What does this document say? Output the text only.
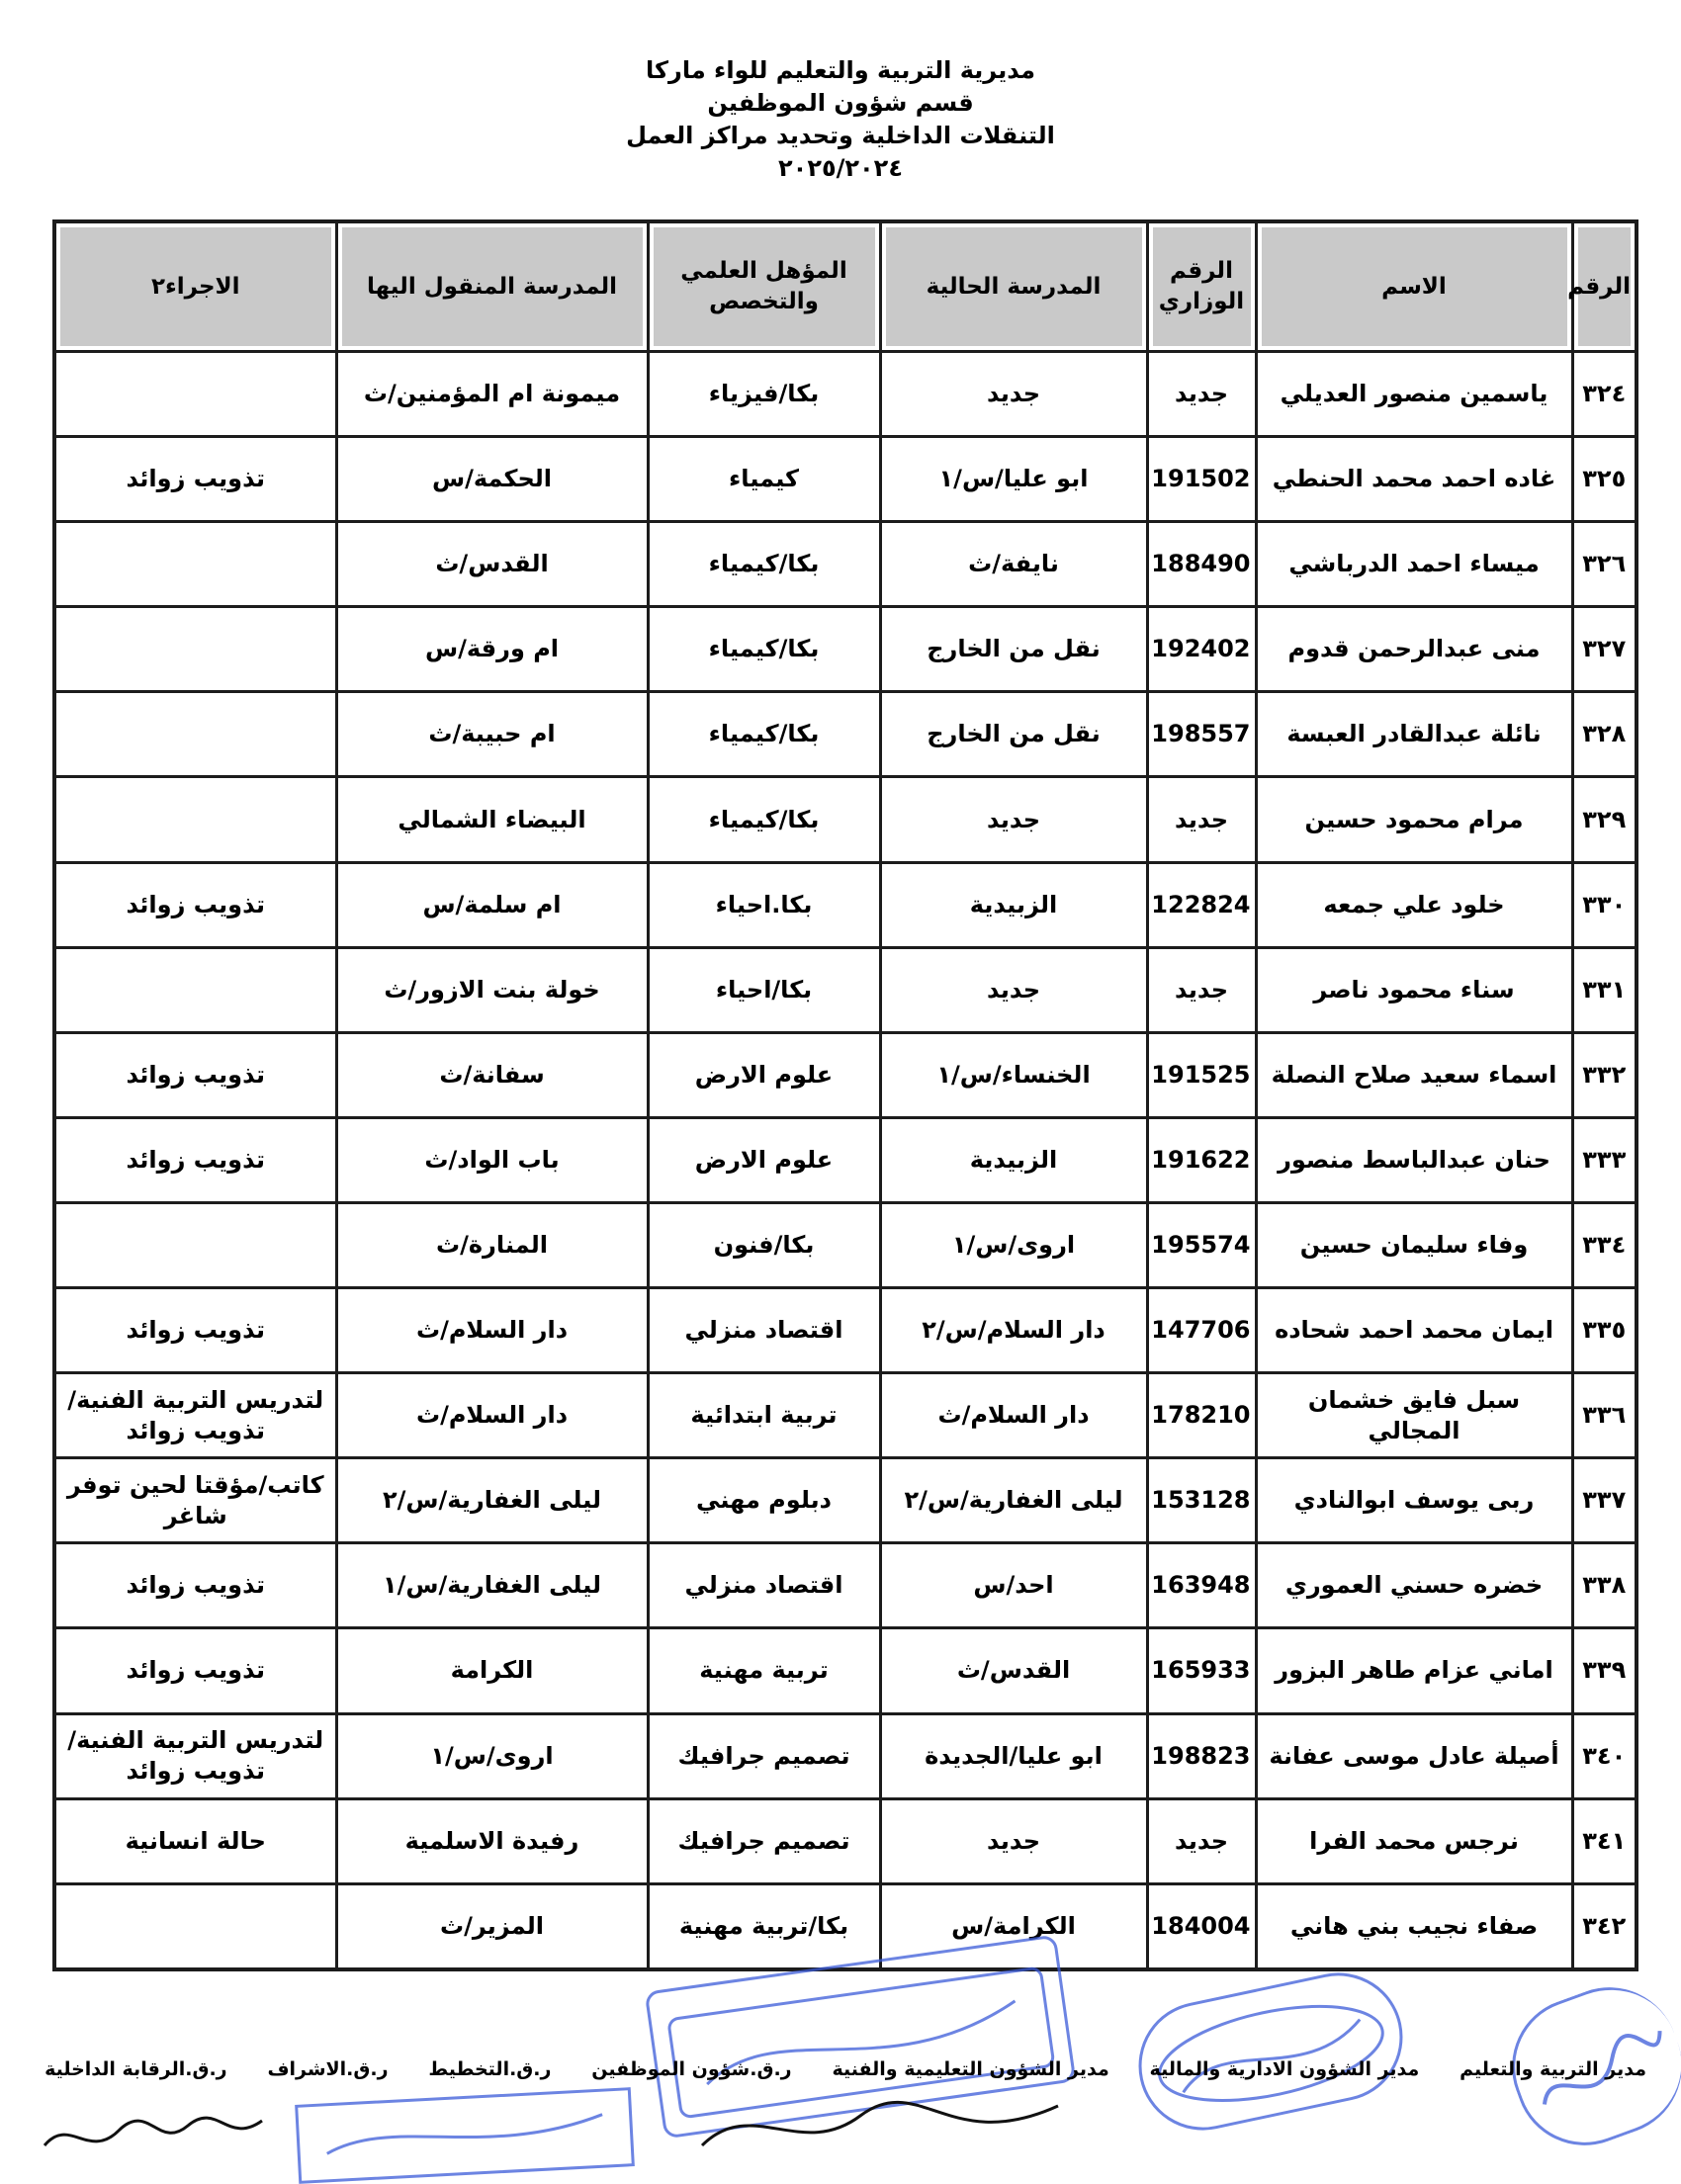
مديرية التربية والتعليم للواء ماركا
قسم شؤون الموظفين
التنقلات الداخلية وتحديد مراكز العمل
٢٠٢٥/٢٠٢٤
الرقم	الاسم	الرقم الوزاري	المدرسة الحالية	المؤهل العلمي والتخصص	المدرسة المنقول اليها	الاجراء٢
٣٢٤	ياسمين منصور العديلي	جديد	جديد	بكا/فيزياء	ميمونة ام المؤمنين/ث	
٣٢٥	غاده احمد محمد الحنطي	191502	ابو عليا/س/١	كيمياء	الحكمة/س	تذويب زوائد
٣٢٦	ميساء احمد الدرباشي	188490	نايفة/ث	بكا/كيمياء	القدس/ث	
٣٢٧	منى عبدالرحمن قدوم	192402	نقل من الخارج	بكا/كيمياء	ام ورقة/س	
٣٢٨	نائلة عبدالقادر العبسة	198557	نقل من الخارج	بكا/كيمياء	ام حبيبة/ث	
٣٢٩	مرام محمود حسين	جديد	جديد	بكا/كيمياء	البيضاء الشمالي	
٣٣٠	خلود علي جمعه	122824	الزبيدية	بكا.احياء	ام سلمة/س	تذويب زوائد
٣٣١	سناء محمود ناصر	جديد	جديد	بكا/احياء	خولة بنت الازور/ث	
٣٣٢	اسماء سعيد صلاح النصلة	191525	الخنساء/س/١	علوم الارض	سفانة/ث	تذويب زوائد
٣٣٣	حنان عبدالباسط منصور	191622	الزبيدية	علوم الارض	باب الواد/ث	تذويب زوائد
٣٣٤	وفاء سليمان حسين	195574	اروى/س/١	بكا/فنون	المنارة/ث	
٣٣٥	ايمان محمد احمد شحاده	147706	دار السلام/س/٢	اقتصاد منزلي	دار السلام/ث	تذويب زوائد
٣٣٦	سبل فايق خشمان المجالي	178210	دار السلام/ث	تربية ابتدائية	دار السلام/ث	لتدريس التربية الفنية/تذويب زوائد
٣٣٧	ربى يوسف ابوالنادي	153128	ليلى الغفارية/س/٢	دبلوم مهني	ليلى الغفارية/س/٢	كاتب/مؤقتا لحين توفر شاغر
٣٣٨	خضره حسني العموري	163948	احد/س	اقتصاد منزلي	ليلى الغفارية/س/١	تذويب زوائد
٣٣٩	اماني عزام طاهر البزور	165933	القدس/ث	تربية مهنية	الكرامة	تذويب زوائد
٣٤٠	أصيلة عادل موسى عفانة	198823	ابو عليا/الجديدة	تصميم جرافيك	اروى/س/١	لتدريس التربية الفنية/تذويب زوائد
٣٤١	نرجس محمد الفرا	جديد	جديد	تصميم جرافيك	رفيدة الاسلمية	حالة انسانية
٣٤٢	صفاء نجيب بني هاني	184004	الكرامة/س	بكا/تربية مهنية	المزير/ث	
مدير التربية والتعليم
مدير الشؤون الادارية والمالية
مدير الشؤون التعليمية والفنية
ر.ق.شؤون الموظفين
ر.ق.التخطيط
ر.ق.الاشراف
ر.ق.الرقابة الداخلية
